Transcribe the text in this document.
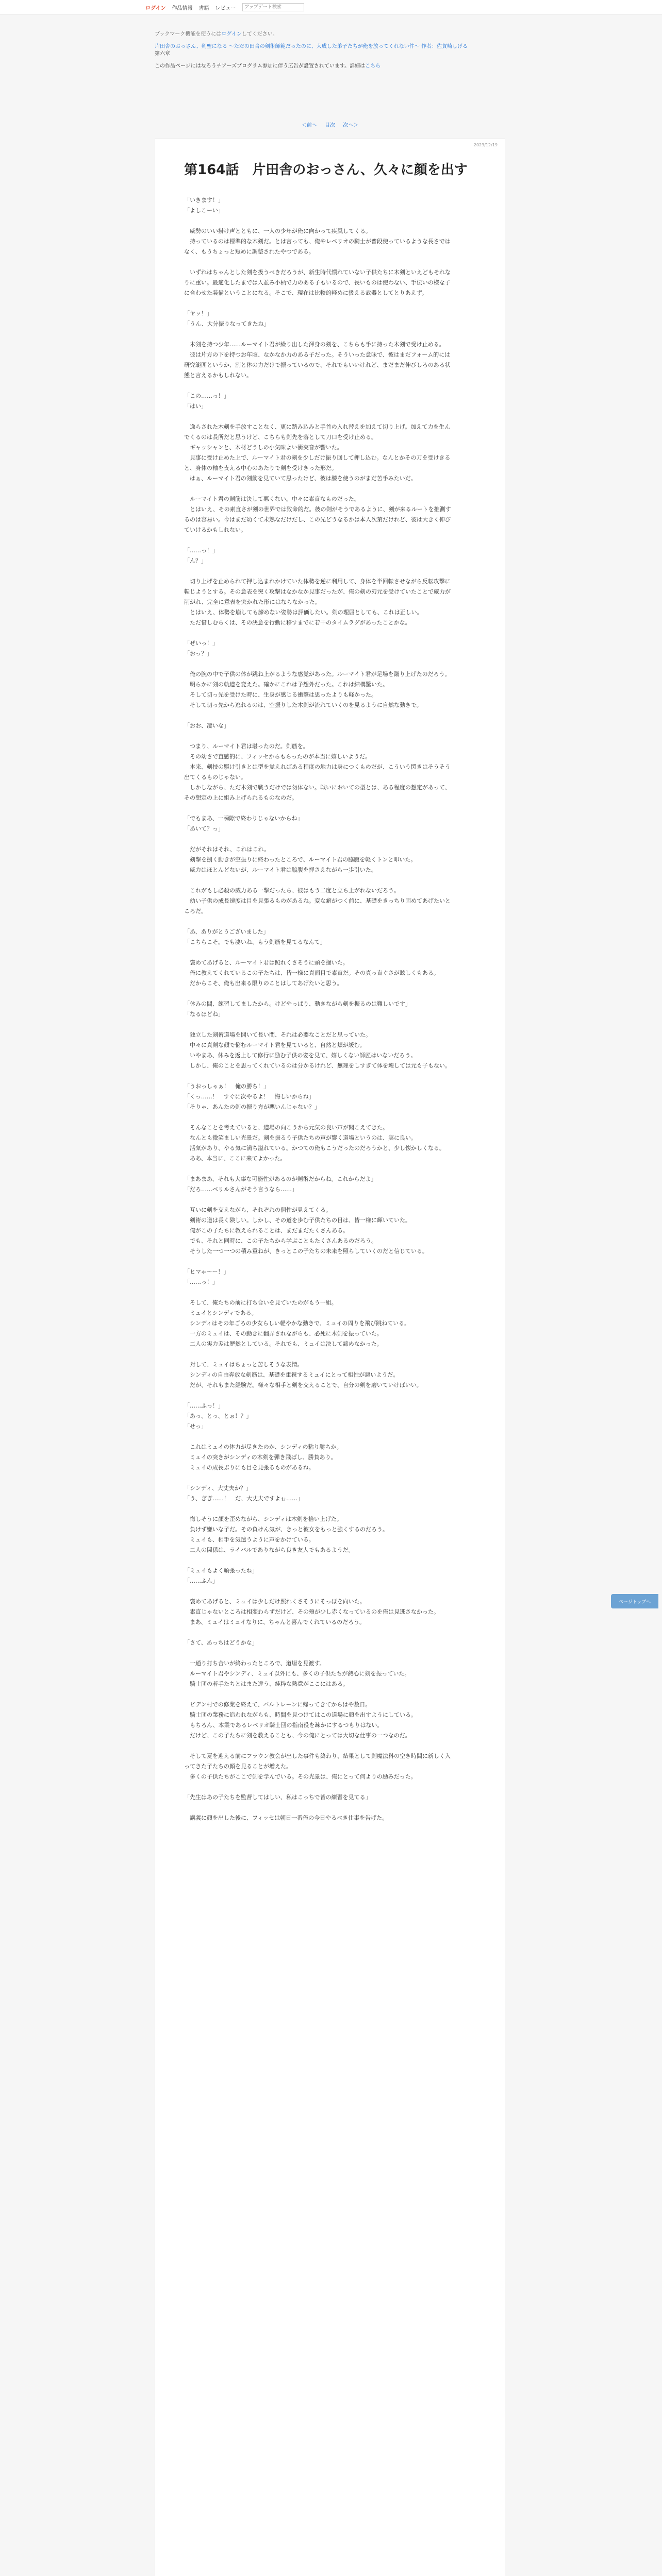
ログイン 作品情報 書籍 レビュー
アップデート検索
ブックマーク機能を使うにはログインしてください。
片田舎のおっさん、剣聖になる ～ただの田舎の剣術師範だったのに、大成した弟子たちが俺を放ってくれない件～ 作者：佐賀崎しげる
第六章
この作品ページにはなろうチアーズプログラム参加に伴う広告が設置されています。詳細はこちら
＜前へ 目次 次へ＞
2023/12/19
第164話　片田舎のおっさん、久々に顔を出す

「いきます！」
「よしこーい」

　威勢のいい掛け声とともに、一人の少年が俺に向かって疾風してくる。
　持っているのは標準的な木剣だ。とは言っても、俺やレベリオの騎士が普段使っているような長さではなく、もうちょっと短めに調整されたやつである。

　いずれはちゃんとした剣を扱うべきだろうが、新生時代慣れていない子供たちに木剣といえどもそれなりに重い。最適化したまでは人並み小柄で力のある子もいるので、長いものは使わない、手伝いの様な子に合わせた装備ということになる。そこで、現在は比較的軽めに扱える武器としてとりあえず。

「ヤッ！」
「うん、大分振りなってきたね」

　木剣を持つ少年……ルーマイト君が繰り出した渾身の剣を、こちらも手に持った木剣で受け止める。
　彼は片方の下を持つお年頃、なかなか力のある子だった。そういった意味で、彼はまだフォーム的には研究範囲というか、割と体の力だけで振っているので、それでもいいけれど、まだまだ伸びしろのある状態と言えるかもしれない。

「この……っ！」
「はい」

　逸らされた木剣を手放すことなく、更に踏み込みと手首の入れ替えを加えて切り上げ。加えて力を生んでくるのは長所だと思うけど、こちらも剣先を落として刀口を受け止める。
　ギャッシャンと、木材どうしの小気味よい衝突音が響いた。
　見事に受け止めた上で、ルーマイト君の剣を少しだけ振り回して押し込む。なんとかその刀を受けきると、身体の軸を支える中心のあたりで剣を受けきった形だ。
　はぁ、ルーマイト君の剣筋を見ていて思ったけど、彼は膝を使うのがまだ苦手みたいだ。

　ルーマイト君の剣筋は決して悪くない。中々に素直なものだった。
　とはいえ、その素直さが剣の世界では致命的だ。彼の剣がそうであるように、剣が来るルートを推測するのは容易い。今はまだ幼くて未熟なだけだし、この先どうなるかは本人次第だけれど、彼は大きく伸びていけるかもしれない。

「……っ！」
「ん？」

　切り上げを止められて押し込まれかけていた体勢を逆に利用して、身体を半回転させながら反転攻撃に転じようとする。その意表を突く攻撃はなかなか見事だったが、俺の剣の刃元を受けていたことで威力が削がれ、完全に意表を突かれた形にはならなかった。
　とはいえ、体勢を崩しても諦めない姿勢は評価したい。剣の理屈としても、これは正しい。
　ただ惜しむらくは、その決意を行動に移すまでに若干のタイムラグがあったことかな。

「ぜいっ！」
「おっ？」

　俺の腕の中で子供の体が跳ね上がるような感覚があった。ルーマイト君が足場を蹴り上げたのだろう。
　明らかに剣の軌道を変えた。確かにこれは予想外だった。これは結構驚いた。
　そして切っ先を受けた時に、生身が感じる衝撃は思ったよりも軽かった。
　そして切っ先から逃れるのは、空振りした木剣が流れていくのを見るように自然な動きで。

「おお、凄いな」

　つまり、ルーマイト君は堪ったのだ。剣筋を。
　その幼さで直感的に、フィッセからもらったのが本当に嬉しいようだ。
　本来、剣技の駆け引きとは型を覚えればある程度の地力は身につくものだが、こういう閃きはそうそう出てくるものじゃない。
　しかしながら、ただ木剣で戦うだけでは勿体ない。戦いにおいての型とは、ある程度の想定があって、その想定の上に組み上げられるものなのだ。

「でもまあ、一瞬隙で終わりじゃないからね」
「あいて？っ」

　だがそれはそれ、これはこれ。
　剣撃を捌く動きが空振りに終わったところで、ルーマイト君の脇腹を軽くトンと叩いた。
　威力はほとんどないが、ルーマイト君は脇腹を押さえながら一歩引いた。

　これがもし必殺の威力ある一撃だったら、彼はもう二度と立ち上がれないだろう。
　幼い子供の成長速度は目を見張るものがあるね。変な癖がつく前に、基礎をきっちり固めてあげたいところだ。

「あ、ありがとうございました」
「こちらこそ。でも凄いね、もう剣筋を見てるなんて」

　褒めてあげると、ルーマイト君は照れくさそうに頭を掻いた。
　俺に教えてくれているこの子たちは、皆一様に真面目で素直だ。その真っ直ぐさが眩しくもある。
　だからこそ、俺も出来る限りのことはしてあげたいと思う。

「休みの間、練習してましたから。けどやっぱり、動きながら剣を振るのは難しいです」
「なるほどね」

　独立した剣術道場を開いて長い間、それは必要なことだと思っていた。
　中々に真剣な顔で悩むルーマイト君を見ていると、自然と頬が緩む。
　いやまあ、休みを返上して修行に励む子供の姿を見て、嬉しくない師匠はいないだろう。
　しかし、俺のことを思ってくれているのは分かるけれど、無理をしすぎて体を壊しては元も子もない。

「うおっしゃぁ！　俺の勝ち！」
「くっ……！　すぐに次やるよ！　悔しいからね」
「そりゃ、あんたの剣の振り方が悪いんじゃない？」

　そんなことを考えていると、道場の向こうから元気の良い声が聞こえてきた。
　なんとも微笑ましい光景だ。剣を振るう子供たちの声が響く道場というのは、実に良い。
　活気があり、やる気に満ち溢れている。かつての俺もこうだったのだろうかと、少し懐かしくなる。
　ああ、本当に、ここに来てよかった。

「まあまあ、それも大事な可能性があるのが剣術だからね。これからだよ」
「だろ……ベリルさんがそう言うなら……」

　互いに剣を交えながら、それぞれの個性が見えてくる。
　剣術の道は長く険しい。しかし、その道を歩む子供たちの目は、皆一様に輝いていた。
　俺がこの子たちに教えられることは、まだまだたくさんある。
　でも、それと同時に、この子たちから学ぶこともたくさんあるのだろう。
　そうした一つ一つの積み重ねが、きっとこの子たちの未来を照らしていくのだと信じている。

「ヒマゃ～ー！」
「……っ！」

　そして、俺たちの前に打ち合いを見ていたのがもう一組。
　ミュイとシンディである。
　シンディはその年ごろの少女らしい軽やかな動きで、ミュイの周りを飛び跳ねている。
　一方のミュイは、その動きに翻弄されながらも、必死に木剣を振っていた。
　二人の実力差は歴然としている。それでも、ミュイは決して諦めなかった。

　対して、ミュイはちょっと苦しそうな表情。
　シンディの自由奔放な剣筋は、基礎を重視するミュイにとって相性が悪いようだ。
　だが、それもまた経験だ。様々な相手と剣を交えることで、自分の剣を磨いていけばいい。

「……ふっ！」
「あっ、とっ、とぉ！？」
「せっ」

　これはミュイの体力が尽きたのか、シンディの粘り勝ちか。
　ミュイの突きがシンディの木剣を弾き飛ばし、勝負あり。
　ミュイの成長ぶりにも目を見張るものがあるね。

「シンディ、大丈夫か？」
「う、ぎぎ……！　だ、大丈夫ですよぉ……」

　悔しそうに顔を歪めながら、シンディは木剣を拾い上げた。
　負けず嫌いな子だ。その負けん気が、きっと彼女をもっと強くするのだろう。
　ミュイも、相手を気遣うように声をかけている。
　二人の関係は、ライバルでありながら良き友人でもあるようだ。

「ミュイもよく頑張ったね」
「……ふん」

　褒めてあげると、ミュイは少しだけ照れくさそうにそっぽを向いた。
　素直じゃないところは相変わらずだけど、その頬が少し赤くなっているのを俺は見逃さなかった。
　まあ、ミュイはミュイなりに、ちゃんと喜んでくれているのだろう。

「さて、あっちはどうかな」

　一通り打ち合いが終わったところで、道場を見渡す。
　ルーマイト君やシンディ、ミュイ以外にも、多くの子供たちが熱心に剣を振っていた。
　騎士団の若手たちとはまた違う、純粋な熱意がここにはある。

　ビデン村での修業を終えて、バルトレーンに帰ってきてからはや数日。
　騎士団の業務に追われながらも、時間を見つけてはこの道場に顔を出すようにしている。
　もちろん、本業であるレベリオ騎士団の指南役を疎かにするつもりはない。
　だけど、この子たちに剣を教えることも、今の俺にとっては大切な仕事の一つなのだ。

　そして夏を迎える前にフラウン教会が出した事件も終わり、結果として剣魔法科の空き時間に新しく入ってきた子たちの顔を見ることが増えた。
　多くの子供たちがここで剣を学んでいる。その光景は、俺にとって何よりの励みだった。

「先生はあの子たちを監督してはしい、私はこっちで皆の練習を見てる」

　講義に顔を出した後に、フィッセは朝日一番俺の今日やるべき仕事を告げた。

ページトップへ
